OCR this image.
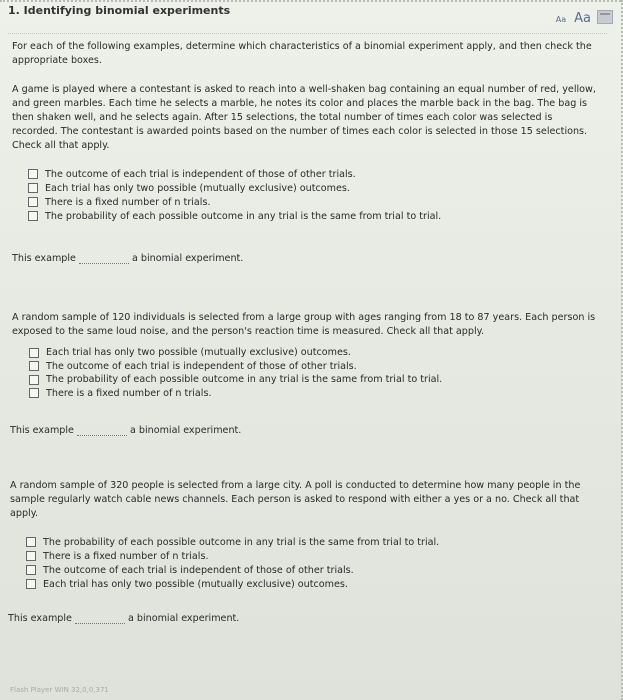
1. Identifying binomial experiments
Aa Aa
For each of the following examples, determine which characteristics of a binomial experiment apply, and then check the appropriate boxes.
A game is played where a contestant is asked to reach into a well-shaken bag containing an equal number of red, yellow, and green marbles. Each time he selects a marble, he notes its color and places the marble back in the bag. The bag is then shaken well, and he selects again. After 15 selections, the total number of times each color was selected is recorded. The contestant is awarded points based on the number of times each color is selected in those 15 selections. Check all that apply.
The outcome of each trial is independent of those of other trials.
Each trial has only two possible (mutually exclusive) outcomes.
There is a fixed number of n trials.
The probability of each possible outcome in any trial is the same from trial to trial.
This example	a binomial experiment.
A random sample of 120 individuals is selected from a large group with ages ranging from 18 to 87 years. Each person is exposed to the same loud noise, and the person's reaction time is measured. Check all that apply.
Each trial has only two possible (mutually exclusive) outcomes.
The outcome of each trial is independent of those of other trials.
The probability of each possible outcome in any trial is the same from trial to trial.
There is a fixed number of n trials.
This example	a binomial experiment.
A random sample of 320 people is selected from a large city. A poll is conducted to determine how many people in the sample regularly watch cable news channels. Each person is asked to respond with either a yes or a no. Check all that apply.
The probability of each possible outcome in any trial is the same from trial to trial.
There is a fixed number of n trials.
The outcome of each trial is independent of those of other trials.
Each trial has only two possible (mutually exclusive) outcomes.
This example	a binomial experiment.
Flash Player WIN 32,0,0,371
